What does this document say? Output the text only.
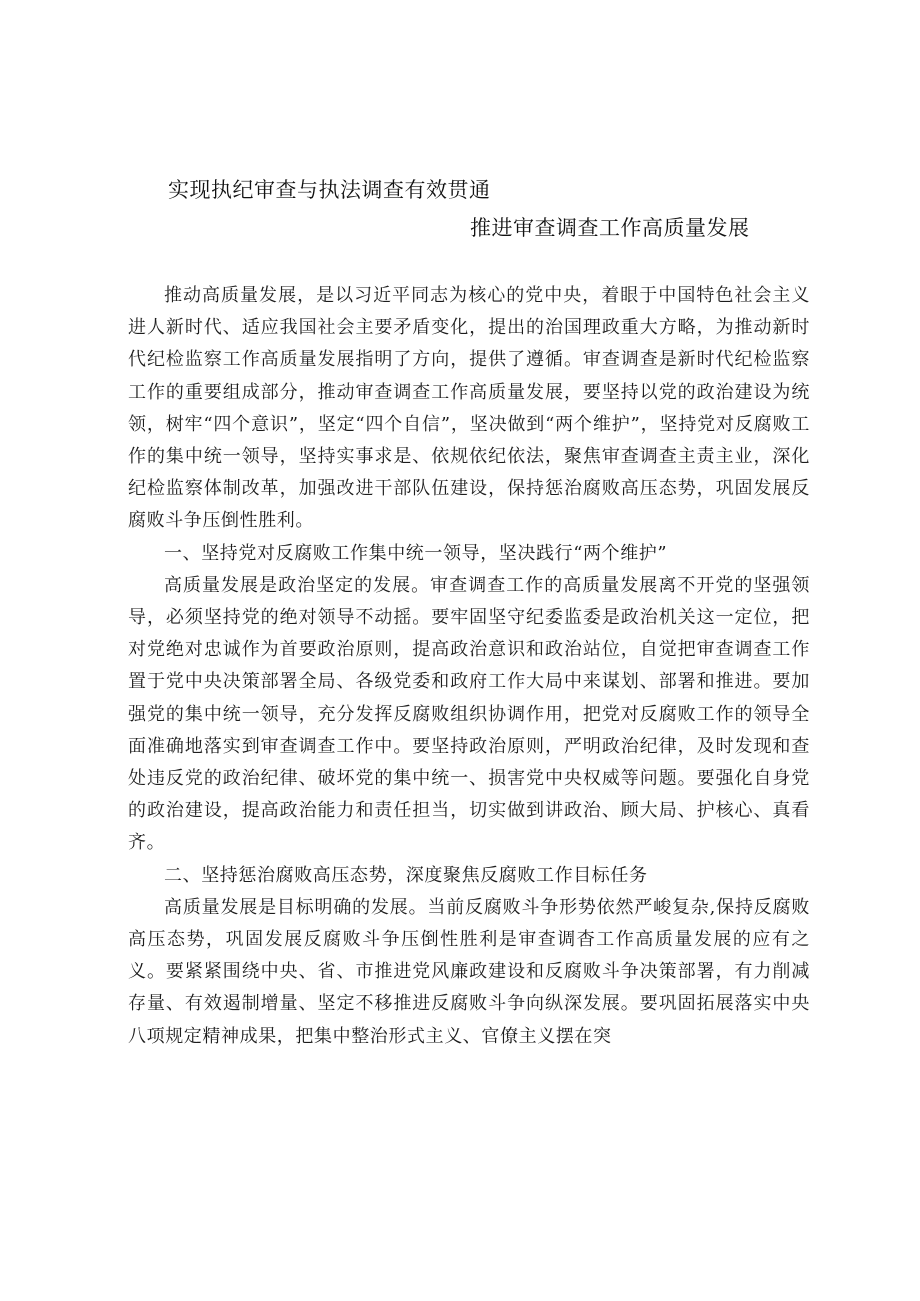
实现执纪审查与执法调查有效贯通
推进审查调查工作高质量发展

推动高质量发展，是以习近平同志为核心的党中央，着眼于中国特色社会主义进人新时代、适应我国社会主要矛盾变化，提出的治国理政重大方略，为推动新时代纪检监察工作高质量发展指明了方向，提供了遵循。审查调查是新时代纪检监察工作的重要组成部分，推动审查调查工作高质量发展，要坚持以党的政治建设为统领，树牢“四个意识”，坚定“四个自信”，坚决做到“两个维护”，坚持党对反腐败工作的集中统一领导，坚持实事求是、依规依纪依法，聚焦审查调查主责主业，深化纪检监察体制改革，加强改进干部队伍建设，保持惩治腐败高压态势，巩固发展反腐败斗争压倒性胜利。

一、坚持党对反腐败工作集中统一领导，坚决践行“两个维护”

高质量发展是政治坚定的发展。审查调查工作的高质量发展离不开党的坚强领导，必须坚持党的绝对领导不动摇。要牢固坚守纪委监委是政治机关这一定位，把对党绝对忠诚作为首要政治原则，提高政治意识和政治站位，自觉把审查调查工作置于党中央决策部署全局、各级党委和政府工作大局中来谋划、部署和推进。要加强党的集中统一领导，充分发挥反腐败组织协调作用，把党对反腐败工作的领导全面准确地落实到审查调查工作中。要坚持政治原则，严明政治纪律，及时发现和查处违反党的政治纪律、破坏党的集中统一、损害党中央权威等问题。要强化自身党的政治建设，提高政治能力和责任担当，切实做到讲政治、顾大局、护核心、真看齐。

二、坚持惩治腐败高压态势，深度聚焦反腐败工作目标任务

高质量发展是目标明确的发展。当前反腐败斗争形势依然严峻复杂,保持反腐败高压态势，巩固发展反腐败斗争压倒性胜利是审查调杳工作高质量发展的应有之义。要紧紧围绕中央、省、市推进党风廉政建设和反腐败斗争决策部署，有力削减存量、有效遏制增量、坚定不移推进反腐败斗争向纵深发展。要巩固拓展落实中央八项规定精神成果，把集中整治形式主义、官僚主义摆在突
